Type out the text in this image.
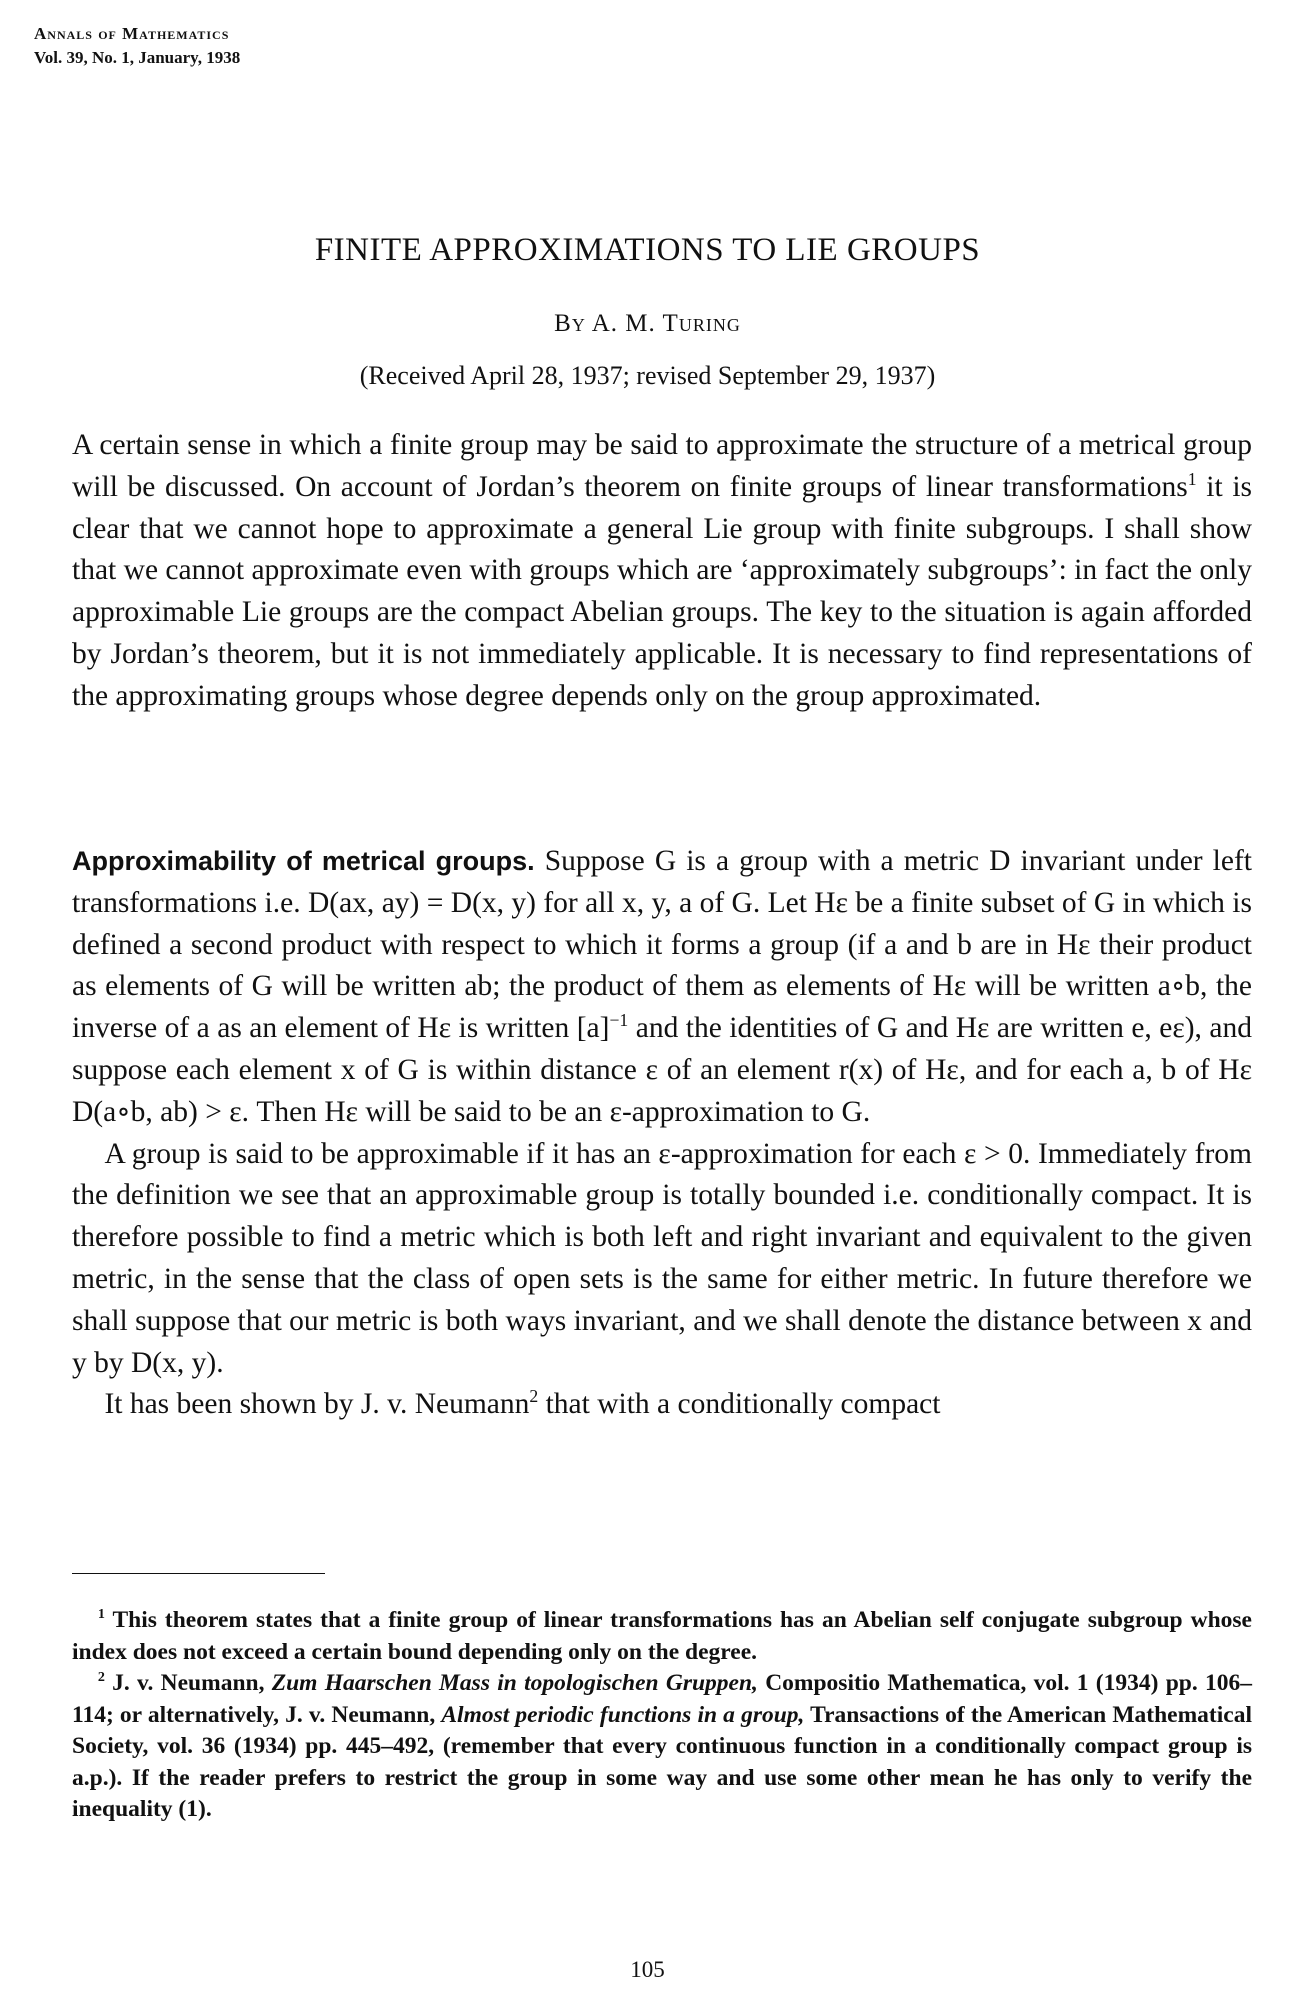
Annals of Mathematics
Vol. 39, No. 1, January, 1938
FINITE APPROXIMATIONS TO LIE GROUPS
By A. M. Turing
(Received April 28, 1937; revised September 29, 1937)

A certain sense in which a finite group may be said to approximate the structure of a metrical group will be discussed. On account of Jordan’s theorem on finite groups of linear transformations$^1$ it is clear that we cannot hope to approximate a general Lie group with finite subgroups. I shall show that we cannot approximate even with groups which are ‘approximately subgroups’: in fact the only approximable Lie groups are the compact Abelian groups. The key to the situation is again afforded by Jordan’s theorem, but it is not immediately applicable. It is necessary to find representations of the approximating groups whose degree depends only on the group approximated.

Approximability of metrical groups. Suppose G is a group with a metric D invariant under left transformations i.e. D(ax, ay) = D(x, y) for all x, y, a of G. Let Hε be a finite subset of G in which is defined a second product with respect to which it forms a group (if a and b are in Hε their product as elements of G will be written ab; the product of them as elements of Hε will be written a∘b, the inverse of a as an element of Hε is written $[a]^{-1}$ and the identities of G and Hε are written e, eε), and suppose each element x of G is within distance ε of an element r(x) of Hε, and for each a, b of Hε D(a∘b, ab) > ε. Then Hε will be said to be an ε-approximation to G.

A group is said to be approximable if it has an ε-approximation for each ε > 0. Immediately from the definition we see that an approximable group is totally bounded i.e. conditionally compact. It is therefore possible to find a metric which is both left and right invariant and equivalent to the given metric, in the sense that the class of open sets is the same for either metric. In future therefore we shall suppose that our metric is both ways invariant, and we shall denote the distance between x and y by D(x, y).

It has been shown by J. v. Neumann$^2$ that with a conditionally compact

$^1$ This theorem states that a finite group of linear transformations has an Abelian self conjugate subgroup whose index does not exceed a certain bound depending only on the degree.

$^2$ J. v. Neumann, Zum Haarschen Mass in topologischen Gruppen, Compositio Mathematica, vol. 1 (1934) pp. 106–114; or alternatively, J. v. Neumann, Almost periodic functions in a group, Transactions of the American Mathematical Society, vol. 36 (1934) pp. 445–492, (remember that every continuous function in a conditionally compact group is a.p.). If the reader prefers to restrict the group in some way and use some other mean he has only to verify the inequality (1).

105
